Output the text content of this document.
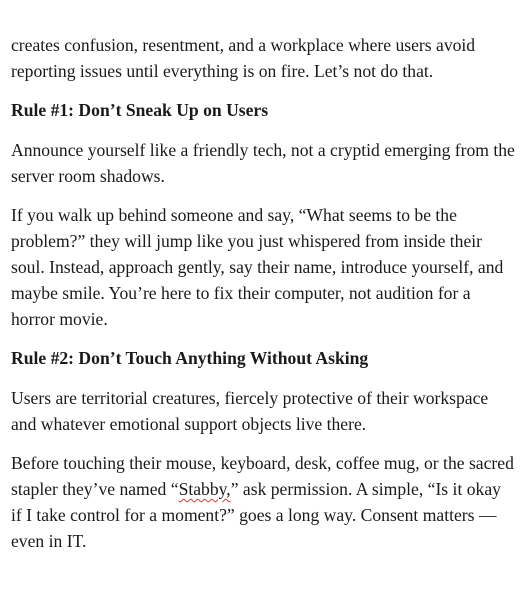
creates confusion, resentment, and a workplace where users avoid reporting issues until everything is on fire. Let’s not do that.

Rule #1: Don’t Sneak Up on Users

Announce yourself like a friendly tech, not a cryptid emerging from the server room shadows.

If you walk up behind someone and say, “What seems to be the problem?” they will jump like you just whispered from inside their soul. Instead, approach gently, say their name, introduce yourself, and maybe smile. You’re here to fix their computer, not audition for a horror movie.

Rule #2: Don’t Touch Anything Without Asking

Users are territorial creatures, fiercely protective of their workspace and whatever emotional support objects live there.

Before touching their mouse, keyboard, desk, coffee mug, or the sacred stapler they’ve named “Stabby,” ask permission. A simple, “Is it okay if I take control for a moment?” goes a long way. Consent matters — even in IT.
